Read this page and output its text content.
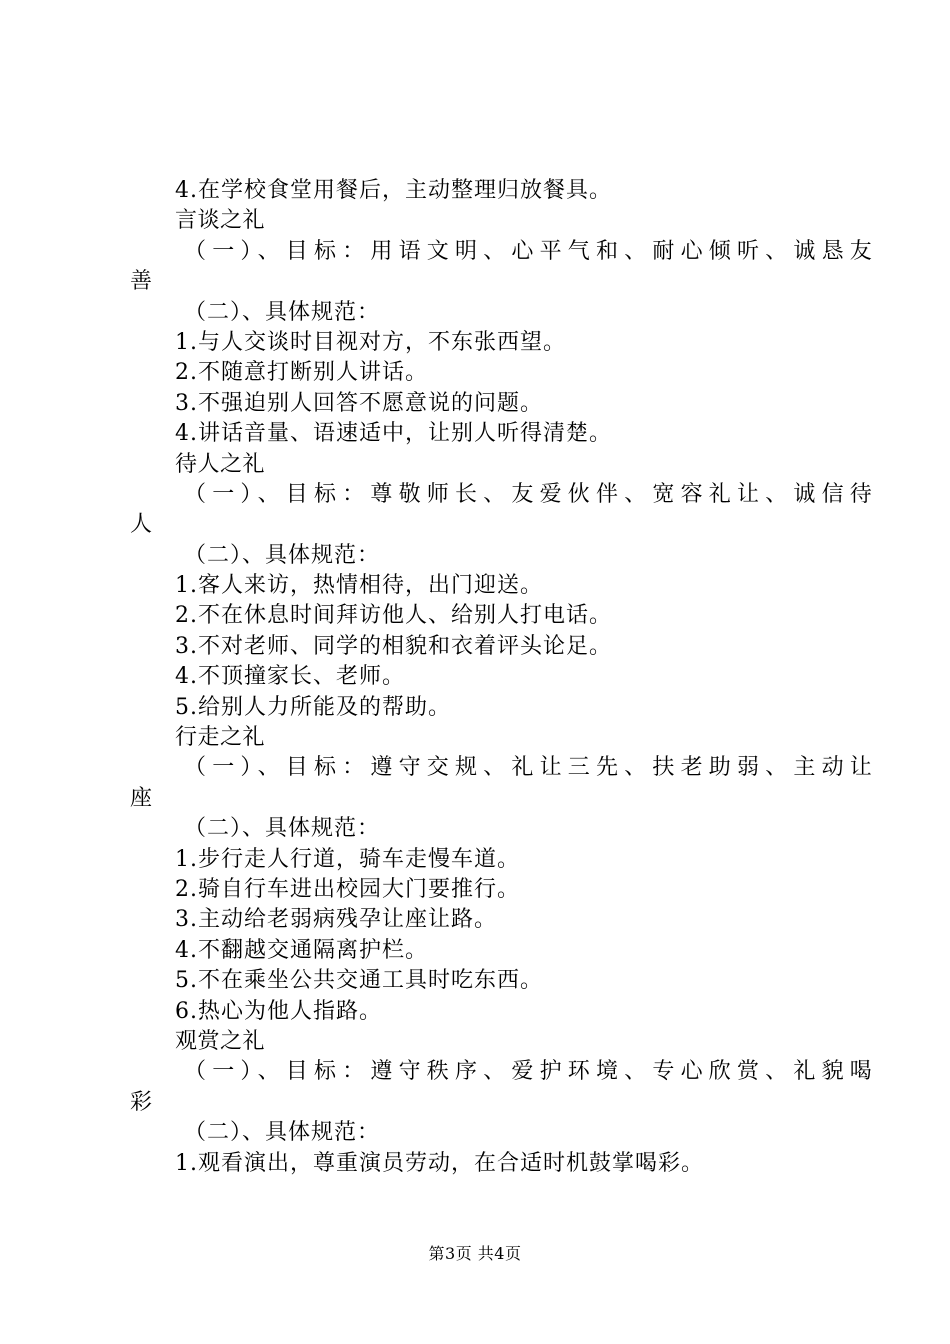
4.在学校食堂用餐后，主动整理归放餐具。
言谈之礼
（一）、目标：用语文明、心平气和、耐心倾听、诚恳友
善
（二）、具体规范：
1.与人交谈时目视对方，不东张西望。
2.不随意打断别人讲话。
3.不强迫别人回答不愿意说的问题。
4.讲话音量、语速适中，让别人听得清楚。
待人之礼
（一）、目标：尊敬师长、友爱伙伴、宽容礼让、诚信待
人
（二）、具体规范：
1.客人来访，热情相待，出门迎送。
2.不在休息时间拜访他人、给别人打电话。
3.不对老师、同学的相貌和衣着评头论足。
4.不顶撞家长、老师。
5.给别人力所能及的帮助。
行走之礼
（一）、目标：遵守交规、礼让三先、扶老助弱、主动让
座
（二）、具体规范：
1.步行走人行道，骑车走慢车道。
2.骑自行车进出校园大门要推行。
3.主动给老弱病残孕让座让路。
4.不翻越交通隔离护栏。
5.不在乘坐公共交通工具时吃东西。
6.热心为他人指路。
观赏之礼
（一）、目标：遵守秩序、爱护环境、专心欣赏、礼貌喝
彩
（二）、具体规范：
1.观看演出，尊重演员劳动，在合适时机鼓掌喝彩。
第3页 共4页
